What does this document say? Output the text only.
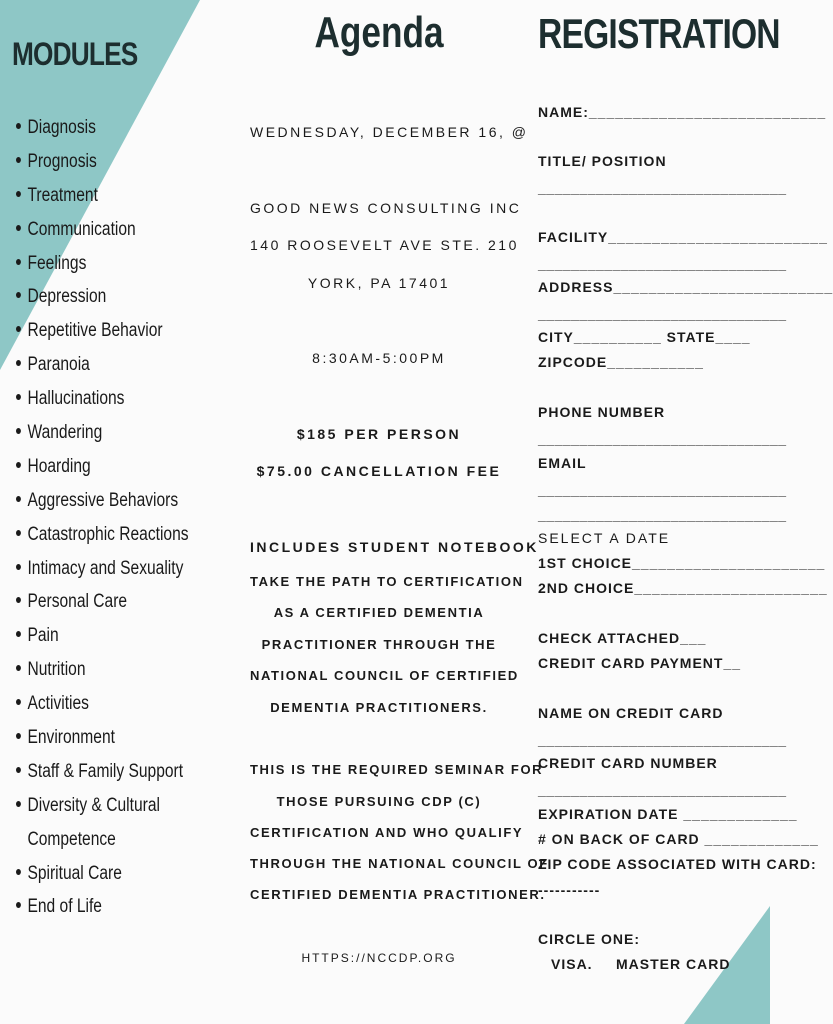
MODULES
Diagnosis
Prognosis
Treatment
Communication
Feelings
Depression
Repetitive Behavior
Paranoia
Hallucinations
Wandering
Hoarding
Aggressive Behaviors
Catastrophic Reactions
Intimacy and Sexuality
Personal Care
Pain
Nutrition
Activities
Environment
Staff & Family Support
Diversity & Cultural
Competence
Spiritual Care
End of Life
Agenda
WEDNESDAY, DECEMBER 16, @
GOOD NEWS CONSULTING INC
140 ROOSEVELT AVE STE. 210
YORK, PA 17401
8:30AM-5:00PM
$185 PER PERSON
$75.00 CANCELLATION FEE
INCLUDES STUDENT NOTEBOOK
TAKE THE PATH TO CERTIFICATION
AS A CERTIFIED DEMENTIA
PRACTITIONER THROUGH THE
NATIONAL COUNCIL OF CERTIFIED
DEMENTIA PRACTITIONERS.
THIS IS THE REQUIRED SEMINAR FOR
THOSE PURSUING CDP (C)
CERTIFICATION AND WHO QUALIFY
THROUGH THE NATIONAL COUNCIL OF
CERTIFIED DEMENTIA PRACTITIONER.
HTTPS://NCCDP.ORG
REGISTRATION
NAME:___________________________
TITLE/ POSITION
______________________________
FACILITY_________________________
______________________________
ADDRESS_________________________
______________________________
CITY__________ STATE____
ZIPCODE___________
PHONE NUMBER
______________________________
EMAIL
______________________________
______________________________
SELECT A DATE
1ST CHOICE______________________
2ND CHOICE______________________
CHECK ATTACHED___
CREDIT CARD PAYMENT__
NAME ON CREDIT CARD
______________________________
CREDIT CARD NUMBER
______________________________
EXPIRATION DATE _____________
# ON BACK OF CARD _____________
ZIP CODE ASSOCIATED WITH CARD:
-----------
CIRCLE ONE:
VISA. MASTER CARD
